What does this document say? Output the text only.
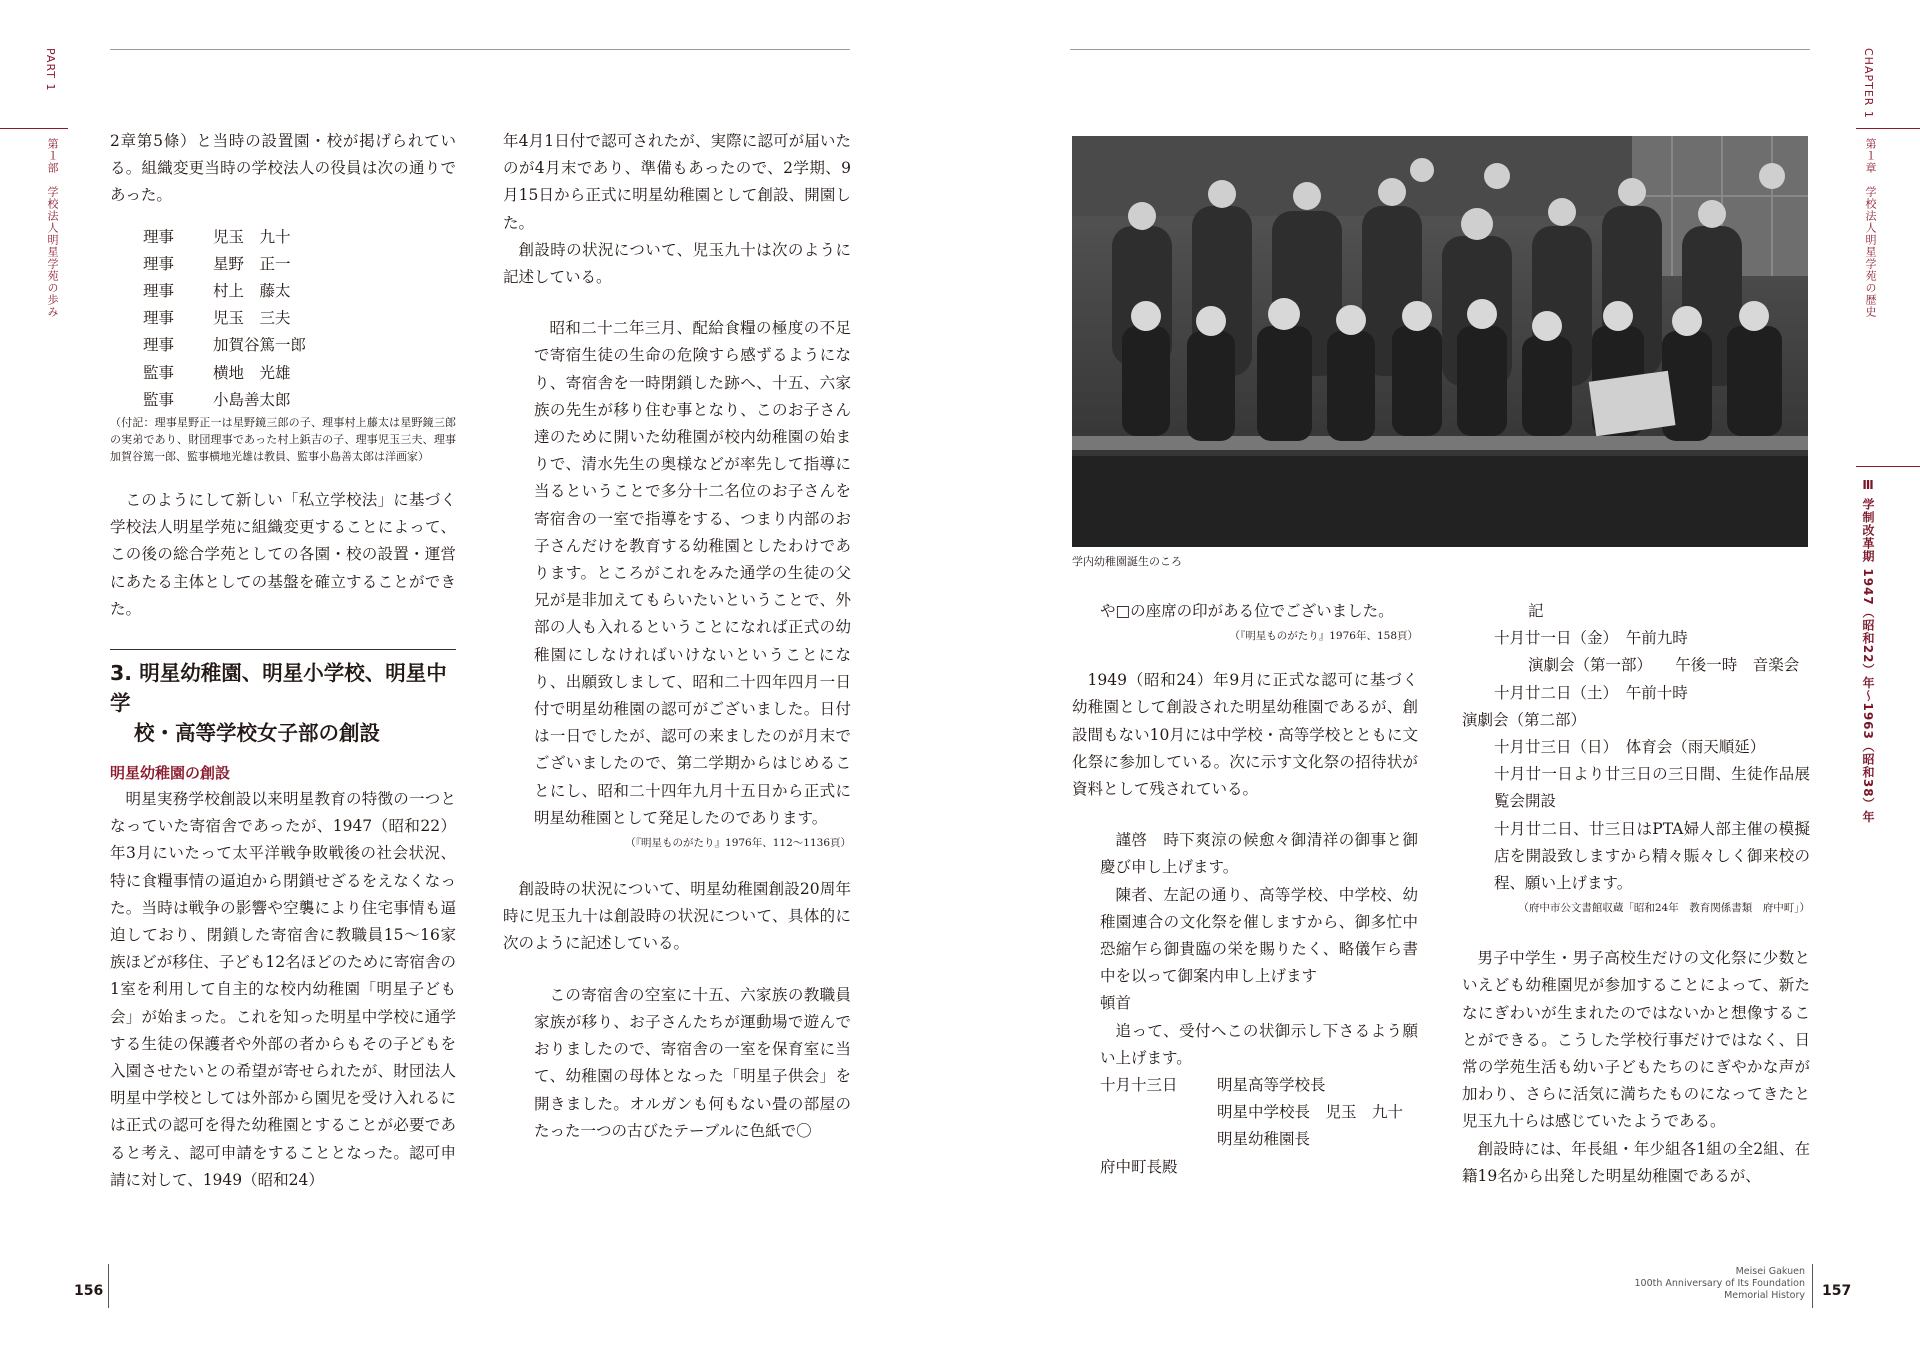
PART 1
第１部　学校法人明星学苑の歩み
CHAPTER 1
第１章　学校法人明星学苑の歴史
Ⅲ 学制改革期 1947（昭和22）年～1963（昭和38）年

2章第5條）と当時の設置園・校が掲げられている。組織変更当時の学校法人の役員は次の通りであった。

理事	児玉　九十
理事	星野　正一
理事	村上　藤太
理事	児玉　三夫
理事	加賀谷篤一郎
監事	横地　光雄
監事	小島善太郎

（付記：理事星野正一は星野鏡三郎の子、理事村上藤太は星野鏡三郎の実弟であり、財団理事であった村上鋲吉の子、理事児玉三夫、理事加賀谷篤一郎、監事横地光雄は教員、監事小島善太郎は洋画家）

このようにして新しい「私立学校法」に基づく学校法人明星学苑に組織変更することによって、この後の総合学苑としての各園・校の設置・運営にあたる主体としての基盤を確立することができた。

3. 明星幼稚園、明星小学校、明星中学
校・高等学校女子部の創設
明星幼稚園の創設

明星実務学校創設以来明星教育の特徴の一つとなっていた寄宿舎であったが、1947（昭和22）年3月にいたって太平洋戦争敗戦後の社会状況、特に食糧事情の逼迫から閉鎖せざるをえなくなった。当時は戦争の影響や空襲により住宅事情も逼迫しており、閉鎖した寄宿舎に教職員15～16家族ほどが移住、子ども12名ほどのために寄宿舎の1室を利用して自主的な校内幼稚園「明星子ども会」が始まった。これを知った明星中学校に通学する生徒の保護者や外部の者からもその子どもを入園させたいとの希望が寄せられたが、財団法人明星中学校としては外部から園児を受け入れるには正式の認可を得た幼稚園とすることが必要であると考え、認可申請をすることとなった。認可申請に対して、1949（昭和24）

年4月1日付で認可されたが、実際に認可が届いたのが4月末であり、準備もあったので、2学期、9月15日から正式に明星幼稚園として創設、開園した。

創設時の状況について、児玉九十は次のように記述している。

昭和二十二年三月、配給食糧の極度の不足で寄宿生徒の生命の危険すら感ずるようになり、寄宿舎を一時閉鎖した跡へ、十五、六家族の先生が移り住む事となり、このお子さん達のために開いた幼稚園が校内幼稚園の始まりで、清水先生の奥様などが率先して指導に当るということで多分十二名位のお子さんを寄宿舎の一室で指導をする、つまり内部のお子さんだけを教育する幼稚園としたわけであります。ところがこれをみた通学の生徒の父兄が是非加えてもらいたいということで、外部の人も入れるということになれば正式の幼稚園にしなければいけないということになり、出願致しまして、昭和二十四年四月一日付で明星幼稚園の認可がございました。日付は一日でしたが、認可の来ましたのが月末でございましたので、第二学期からはじめることにし、昭和二十四年九月十五日から正式に明星幼稚園として発足したのであります。

（『明星ものがたり』1976年、112～1136頁）

創設時の状況について、明星幼稚園創設20周年時に児玉九十は創設時の状況について、具体的に次のように記述している。

この寄宿舎の空室に十五、六家族の教職員家族が移り、お子さんたちが運動場で遊んでおりましたので、寄宿舎の一室を保育室に当て、幼稚園の母体となった「明星子供会」を開きました。オルガンも何もない畳の部屋のたった一つの古びたテーブルに色紙で〇

学内幼稚園誕生のころ

や□の座席の印がある位でございました。

（『明星ものがたり』1976年、158頁）

1949（昭和24）年9月に正式な認可に基づく幼稚園として創設された明星幼稚園であるが、創設間もない10月には中学校・高等学校とともに文化祭に参加している。次に示す文化祭の招待状が資料として残されている。

謹啓　時下爽涼の候愈々御清祥の御事と御慶び申し上げます。

陳者、左記の通り、高等学校、中学校、幼稚園連合の文化祭を催しますから、御多忙中恐縮乍ら御貴臨の栄を賜りたく、略儀乍ら書中を以って御案内申し上げます

頓首

追って、受付へこの状御示し下さるよう願い上げます。

十月十三日	明星高等学校長

明星中学校長　児玉　九十

明星幼稚園長

府中町長殿

記

十月廿一日（金）　午前九時

演劇会（第一部）　　午後一時　音楽会

十月廿二日（土）　午前十時

演劇会（第二部）

十月廿三日（日）　体育会（雨天順延）

十月廿一日より廿三日の三日間、生徒作品展覧会開設

十月廿二日、廿三日はPTA婦人部主催の模擬店を開設致しますから精々賑々しく御来校の程、願い上げます。

（府中市公文書館収蔵「昭和24年　教育関係書類　府中町」）

男子中学生・男子高校生だけの文化祭に少数といえども幼稚園児が参加することによって、新たなにぎわいが生まれたのではないかと想像することができる。こうした学校行事だけではなく、日常の学苑生活も幼い子どもたちのにぎやかな声が加わり、さらに活気に満ちたものになってきたと児玉九十らは感じていたようである。

創設時には、年長組・年少組各1組の全2組、在籍19名から出発した明星幼稚園であるが、

156
Meisei Gakuen
100th Anniversary of Its Foundation
Memorial History 157
